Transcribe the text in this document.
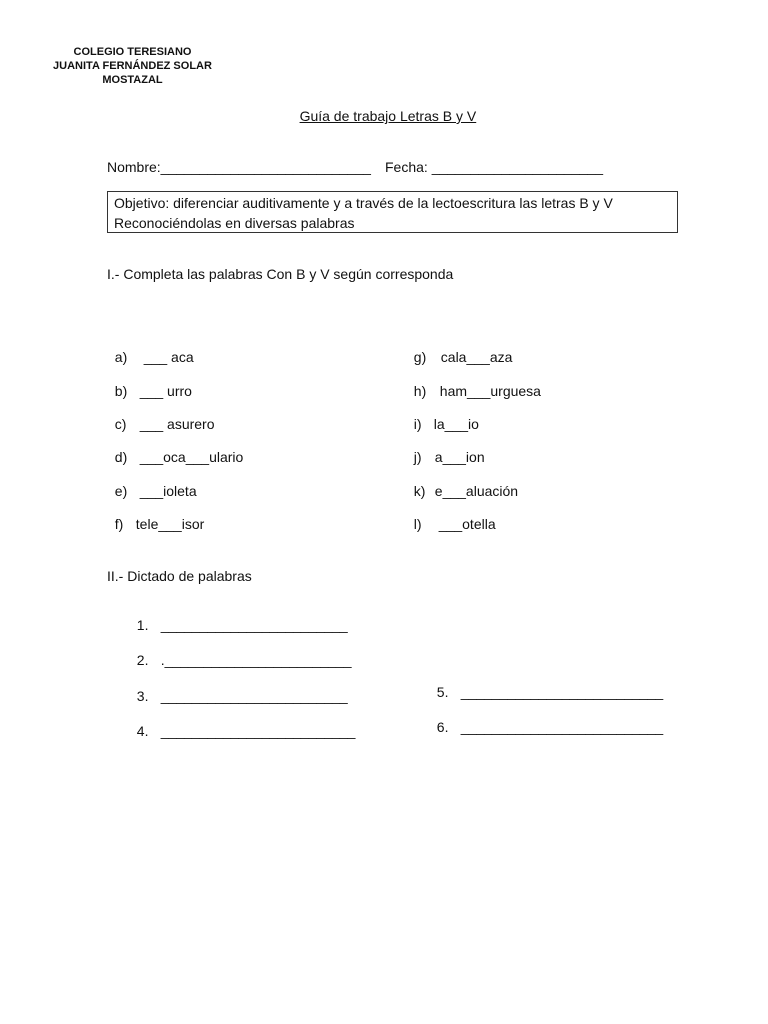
COLEGIO TERESIANO
JUANITA FERNÁNDEZ SOLAR
MOSTAZAL

Guía de trabajo Letras B y V

Nombre:___________________________ Fecha: ______________________
Objetivo: diferenciar auditivamente y a través de la lectoescritura las letras B y V
Reconociéndolas en diversas palabras
I.- Completa las palabras Con B y V según corresponda

a) ___ aca

b) ___ urro

c) ___ asurero

d) ___oca___ulario

e) ___ioleta

f) tele___isor

g) cala___aza

h) ham___urguesa

i) la___io

j) a___ion

k) e___aluación

l) ___otella

II.- Dictado de palabras

1. ________________________

2. .________________________

3. ________________________

4. _________________________

5. __________________________

6. __________________________
